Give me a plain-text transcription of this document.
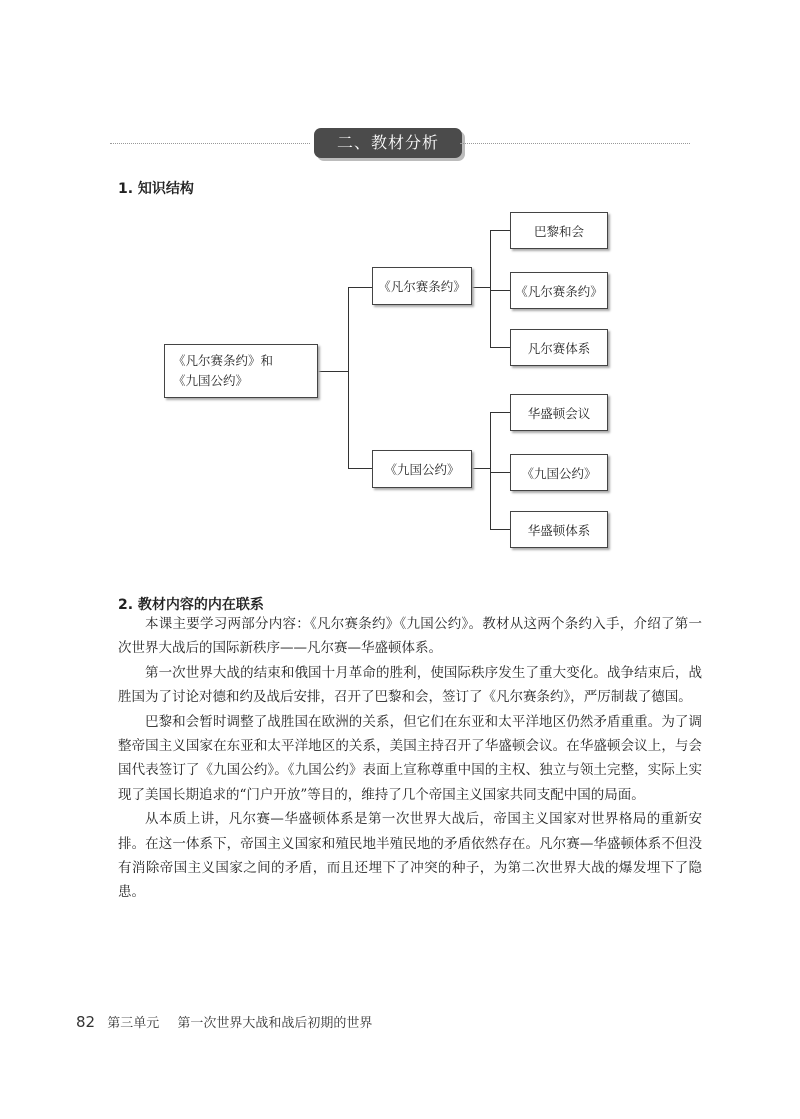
二、教材分析
1. 知识结构
《凡尔赛条约》和
《九国公约》
《凡尔赛条约》
《九国公约》
巴黎和会
《凡尔赛条约》
凡尔赛体系
华盛顿会议
《九国公约》
华盛顿体系
2. 教材内容的内在联系

本课主要学习两部分内容：《凡尔赛条约》《九国公约》。教材从这两个条约入手，介绍了第一次世界大战后的国际新秩序——凡尔赛—华盛顿体系。

第一次世界大战的结束和俄国十月革命的胜利，使国际秩序发生了重大变化。战争结束后，战胜国为了讨论对德和约及战后安排，召开了巴黎和会，签订了《凡尔赛条约》，严厉制裁了德国。

巴黎和会暂时调整了战胜国在欧洲的关系，但它们在东亚和太平洋地区仍然矛盾重重。为了调整帝国主义国家在东亚和太平洋地区的关系，美国主持召开了华盛顿会议。在华盛顿会议上，与会国代表签订了《九国公约》。《九国公约》表面上宣称尊重中国的主权、独立与领土完整，实际上实现了美国长期追求的“门户开放”等目的，维持了几个帝国主义国家共同支配中国的局面。

从本质上讲，凡尔赛—华盛顿体系是第一次世界大战后，帝国主义国家对世界格局的重新安排。在这一体系下，帝国主义国家和殖民地半殖民地的矛盾依然存在。凡尔赛—华盛顿体系不但没有消除帝国主义国家之间的矛盾，而且还埋下了冲突的种子，为第二次世界大战的爆发埋下了隐患。

82 第三单元 第一次世界大战和战后初期的世界
